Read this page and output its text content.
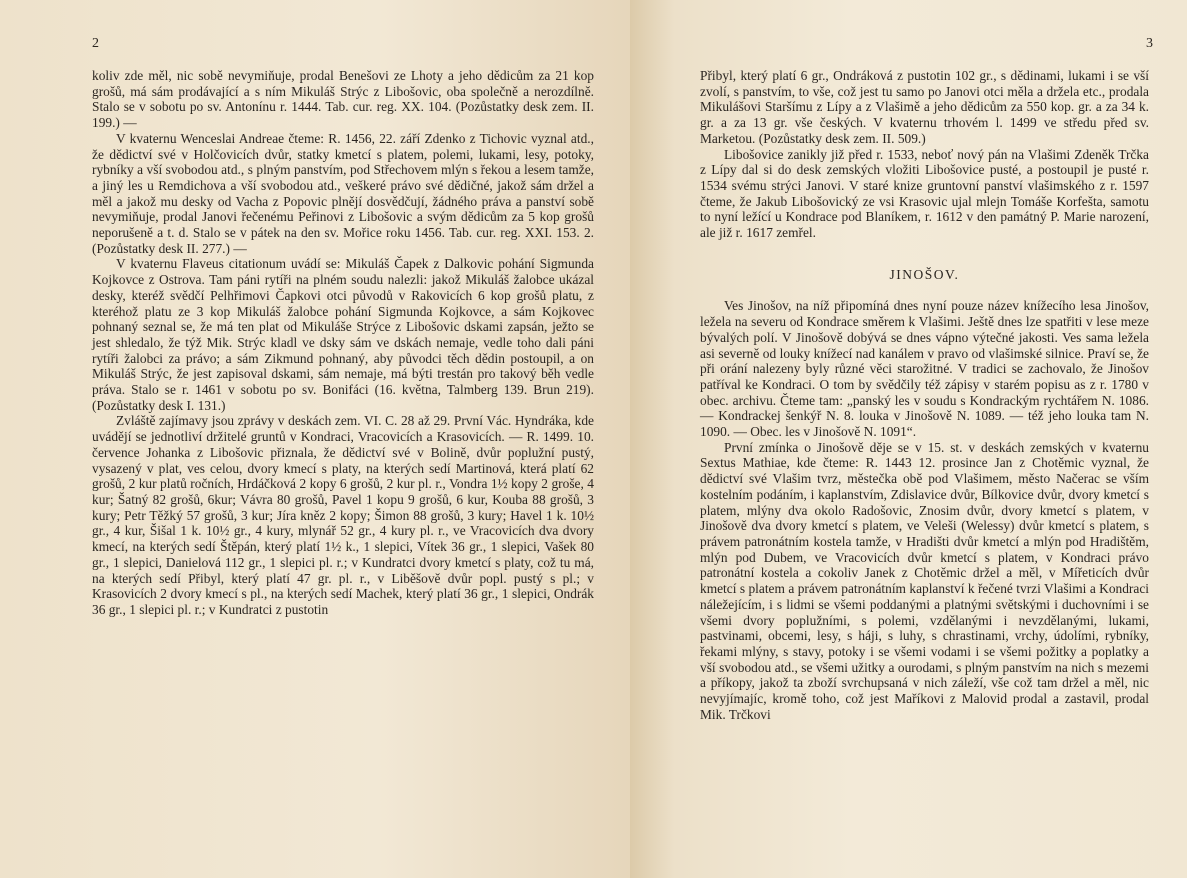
2

koliv zde měl, nic sobě nevymiňuje, prodal Benešovi ze Lhoty a jeho dědicům za 21 kop grošů, má sám prodávající a s ním Mikuláš Strýc z Libošovic, oba společně a nerozdílně. Stalo se v sobotu po sv. Antonínu r. 1444. Tab. cur. reg. XX. 104. (Pozůstatky desk zem. II. 199.) —

V kvaternu Wenceslai Andreae čteme: R. 1456, 22. září Zdenko z Tichovic vyznal atd., že dědictví své v Holčovicích dvůr, statky kmetcí s platem, polemi, lukami, lesy, potoky, rybníky a vší svobodou atd., s plným panstvím, pod Střechovem mlýn s řekou a lesem tamže, a jiný les u Remdichova a vší svobodou atd., veškeré právo své dědičné, jakož sám držel a měl a jakož mu desky od Vacha z Popovic plnějí dosvědčují, žádného práva a panství sobě nevymiňuje, prodal Janovi řečenému Peřinovi z Libošovic a svým dědicům za 5 kop grošů neporušeně a t. d. Stalo se v pátek na den sv. Mořice roku 1456. Tab. cur. reg. XXI. 153. 2. (Pozůstatky desk II. 277.) —

V kvaternu Flaveus citationum uvádí se: Mikuláš Čapek z Dalkovic pohání Sigmunda Kojkovce z Ostrova. Tam páni rytíři na plném soudu nalezli: jakož Mikuláš žalobce ukázal desky, kteréž svědčí Pelhřimovi Čapkovi otci původů v Rakovicích 6 kop grošů platu, z kteréhož platu ze 3 kop Mikuláš žalobce pohání Sigmunda Kojkovce, a sám Kojkovec pohnaný seznal se, že má ten plat od Mikuláše Strýce z Libošovic dskami zapsán, ježto se jest shledalo, že týž Mik. Strýc kladl ve dsky sám ve dskách nemaje, vedle toho dali páni rytíři žalobci za právo; a sám Zikmund pohnaný, aby původci těch dědin postoupil, a on Mikuláš Strýc, že jest zapisoval dskami, sám nemaje, má býti trestán pro takový běh vedle práva. Stalo se r. 1461 v sobotu po sv. Bonifáci (16. května, Talmberg 139. Brun 219). (Pozůstatky desk I. 131.)

Zvláště zajímavy jsou zprávy v deskách zem. VI. C. 28 až 29. První Vác. Hyndráka, kde uvádějí se jednotliví držitelé gruntů v Kondraci, Vracovicích a Krasovicích. — R. 1499. 10. července Johanka z Libošovic přiznala, že dědictví své v Bolině, dvůr poplužní pustý, vysazený v plat, ves celou, dvory kmecí s platy, na kterých sedí Martinová, která platí 62 grošů, 2 kur platů ročních, Hrdáčková 2 kopy 6 grošů, 2 kur pl. r., Vondra 1½ kopy 2 groše, 4 kur; Šatný 82 grošů, 6kur; Vávra 80 grošů, Pavel 1 kopu 9 grošů, 6 kur, Kouba 88 grošů, 3 kury; Petr Těžký 57 grošů, 3 kur; Jíra kněz 2 kopy; Šimon 88 grošů, 3 kury; Havel 1 k. 10½ gr., 4 kur, Šišal 1 k. 10½ gr., 4 kury, mlynář 52 gr., 4 kury pl. r., ve Vracovicích dva dvory kmecí, na kterých sedí Štěpán, který platí 1½ k., 1 slepici, Vítek 36 gr., 1 slepici, Vašek 80 gr., 1 slepici, Danielová 112 gr., 1 slepici pl. r.; v Kundratci dvory kmetcí s platy, což tu má, na kterých sedí Přibyl, který platí 47 gr. pl. r., v Liběšově dvůr popl. pustý s pl.; v Krasovicích 2 dvory kmecí s pl., na kterých sedí Machek, který platí 36 gr., 1 slepici, Ondrák 36 gr., 1 slepici pl. r.; v Kundratci z pustotin

3

Přibyl, který platí 6 gr., Ondráková z pustotin 102 gr., s dědinami, lukami i se vší zvolí, s panstvím, to vše, což jest tu samo po Janovi otci měla a držela etc., prodala Mikulášovi Staršímu z Lípy a z Vlašimě a jeho dědicům za 550 kop. gr. a za 34 k. gr. a za 13 gr. vše českých. V kvaternu trhovém l. 1499 ve středu před sv. Marketou. (Pozůstatky desk zem. II. 509.)

Libošovice zanikly již před r. 1533, neboť nový pán na Vlašimi Zdeněk Trčka z Lípy dal si do desk zemských vložiti Libošovice pusté, a postoupil je pusté r. 1534 svému strýci Janovi. V staré knize gruntovní panství vlašimského z r. 1597 čteme, že Jakub Libošovický ze vsi Krasovic ujal mlejn Tomáše Korfešta, samotu to nyní ležící u Kondrace pod Blaníkem, r. 1612 v den památný P. Marie narození, ale již r. 1617 zemřel.

JINOŠOV.

Ves Jinošov, na níž připomíná dnes nyní pouze název knížecího lesa Jinošov, ležela na severu od Kondrace směrem k Vlašimi. Ještě dnes lze spatřiti v lese meze bývalých polí. V Jinošově dobývá se dnes vápno výtečné jakosti. Ves sama ležela asi severně od louky knížecí nad kanálem v pravo od vlašimské silnice. Praví se, že při orání nalezeny byly různé věci starožitné. V tradici se zachovalo, že Jinošov patříval ke Kondraci. O tom by svědčily též zápisy v starém popisu as z r. 1780 v obec. archivu. Čteme tam: „panský les v soudu s Kondrackým rychtářem N. 1086. — Kondrackej šenkýř N. 8. louka v Jinošově N. 1089. — též jeho louka tam N. 1090. — Obec. les v Jinošově N. 1091“.

První zmínka o Jinošově děje se v 15. st. v deskách zemských v kvaternu Sextus Mathiae, kde čteme: R. 1443 12. prosince Jan z Chotěmic vyznal, že dědictví své Vlašim tvrz, městečka obě pod Vlašimem, město Načerac se vším kostelním podáním, i kaplanstvím, Zdislavice dvůr, Bílkovice dvůr, dvory kmetcí s platem, mlýny dva okolo Radošovic, Znosim dvůr, dvory kmetcí s platem, v Jinošově dva dvory kmetcí s platem, ve Veleši (Welessy) dvůr kmetcí s platem, s právem patronátním kostela tamže, v Hradišti dvůr kmetcí a mlýn pod Hradištěm, mlýn pod Dubem, ve Vracovicích dvůr kmetcí s platem, v Kondraci právo patronátní kostela a cokoliv Janek z Chotěmic držel a měl, v Mířeticích dvůr kmetcí s platem a právem patronátním kaplanství k řečené tvrzi Vlašimi a Kondraci náležejícím, i s lidmi se všemi poddanými a platnými světskými i duchovními i se všemi dvory poplužními, s polemi, vzdělanými i nevzdělanými, lukami, pastvinami, obcemi, lesy, s háji, s luhy, s chrastinami, vrchy, údolími, rybníky, řekami mlýny, s stavy, potoky i se všemi vodami i se všemi požitky a poplatky a vší svobodou atd., se všemi užitky a ourodami, s plným panstvím na nich s mezemi a příkopy, jakož ta zboží svrchupsaná v nich záleží, vše což tam držel a měl, nic nevyjímajíc, kromě toho, což jest Maříkovi z Malovid prodal a zastavil, prodal Mik. Trčkovi
